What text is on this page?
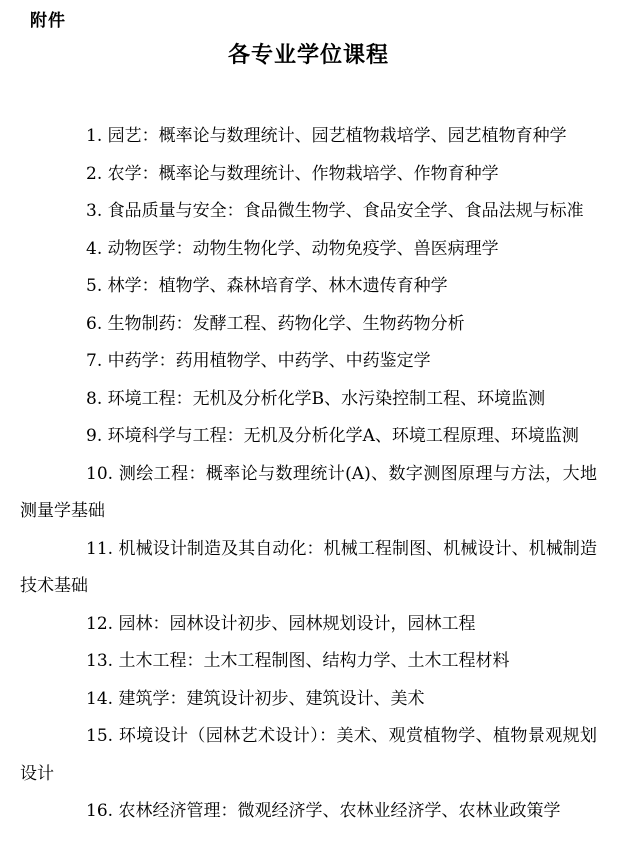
附件
各专业学位课程
1. 园艺：概率论与数理统计、园艺植物栽培学、园艺植物育种学
2. 农学：概率论与数理统计、作物栽培学、作物育种学
3. 食品质量与安全：食品微生物学、食品安全学、食品法规与标准
4. 动物医学：动物生物化学、动物免疫学、兽医病理学
5. 林学：植物学、森林培育学、林木遗传育种学
6. 生物制药：发酵工程、药物化学、生物药物分析
7. 中药学：药用植物学、中药学、中药鉴定学
8. 环境工程：无机及分析化学B、水污染控制工程、环境监测
9. 环境科学与工程：无机及分析化学A、环境工程原理、环境监测
10. 测绘工程：概率论与数理统计(A)、数字测图原理与方法，大地测量学基础
11. 机械设计制造及其自动化：机械工程制图、机械设计、机械制造技术基础
12. 园林：园林设计初步、园林规划设计，园林工程
13. 土木工程：土木工程制图、结构力学、土木工程材料
14. 建筑学：建筑设计初步、建筑设计、美术
15. 环境设计（园林艺术设计）：美术、观赏植物学、植物景观规划设计
16. 农林经济管理：微观经济学、农林业经济学、农林业政策学
